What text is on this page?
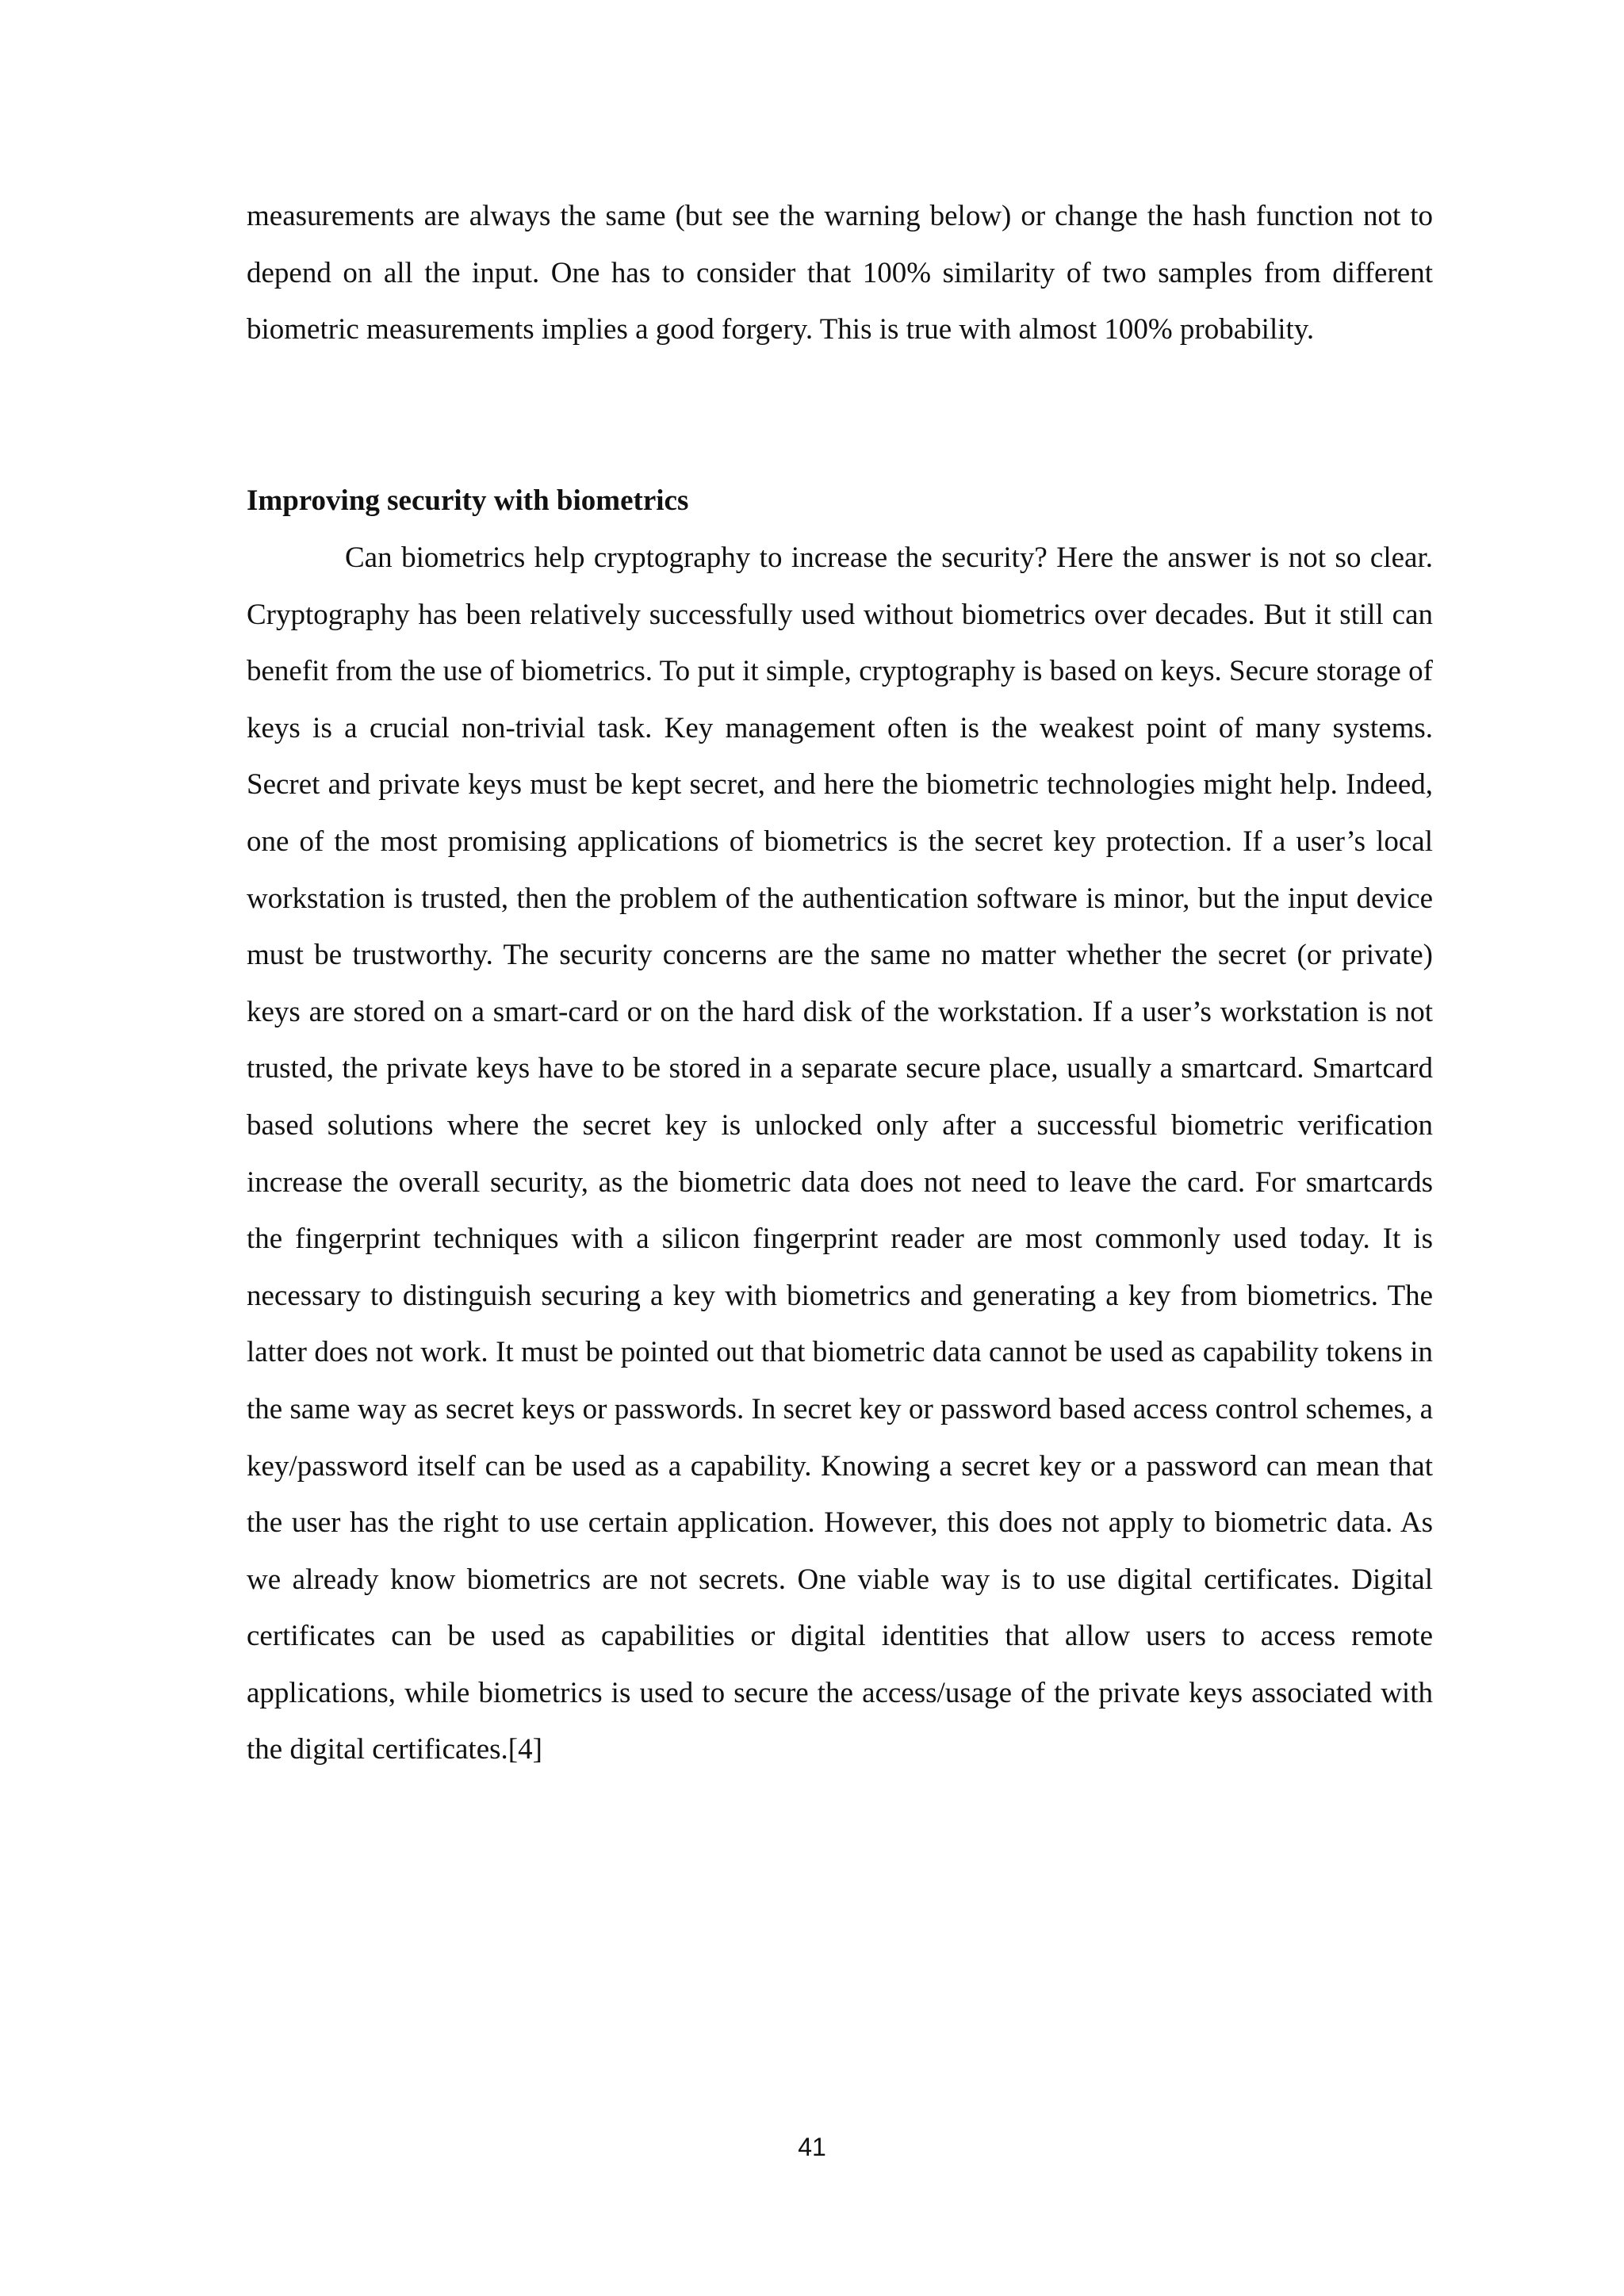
measurements are always the same (but see the warning below) or change the hash function not to depend on all the input. One has to consider that 100% similarity of two samples from different biometric measurements implies a good forgery. This is true with almost 100% probability.

Improving security with biometrics

Can biometrics help cryptography to increase the security? Here the answer is not so clear. Cryptography has been relatively successfully used without biometrics over decades. But it still can benefit from the use of biometrics. To put it simple, cryptography is based on keys. Secure storage of keys is a crucial non-trivial task. Key management often is the weakest point of many systems. Secret and private keys must be kept secret, and here the biometric technologies might help. Indeed, one of the most promising applications of biometrics is the secret key protection. If a user’s local workstation is trusted, then the problem of the authentication software is minor, but the input device must be trustworthy. The security concerns are the same no matter whether the secret (or private) keys are stored on a smart-card or on the hard disk of the workstation. If a user’s workstation is not trusted, the private keys have to be stored in a separate secure place, usually a smartcard. Smartcard based solutions where the secret key is unlocked only after a successful biometric verification increase the overall security, as the biometric data does not need to leave the card. For smartcards the fingerprint techniques with a silicon fingerprint reader are most commonly used today. It is necessary to distinguish securing a key with biometrics and generating a key from biometrics. The latter does not work. It must be pointed out that biometric data cannot be used as capability tokens in the same way as secret keys or passwords. In secret key or password based access control schemes, a key/password itself can be used as a capability. Knowing a secret key or a password can mean that the user has the right to use certain application. However, this does not apply to biometric data. As we already know biometrics are not secrets. One viable way is to use digital certificates. Digital certificates can be used as capabilities or digital identities that allow users to access remote applications, while biometrics is used to secure the access/usage of the private keys associated with the digital certificates.[4]

41
